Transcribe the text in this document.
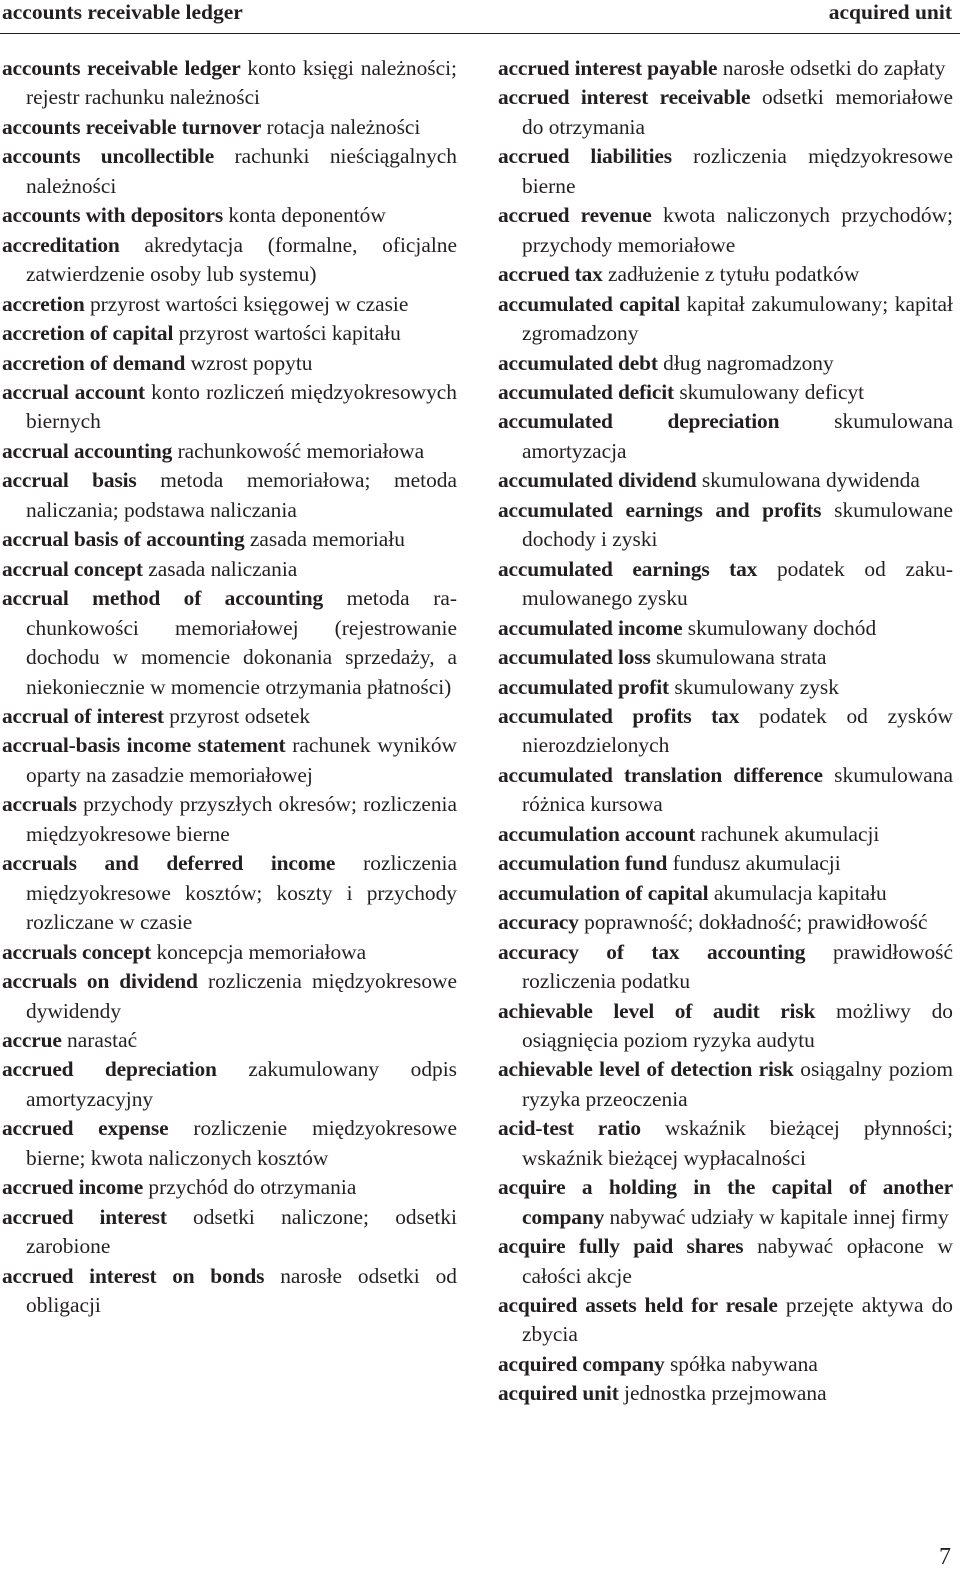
accounts receivable ledger	acquired unit

accounts receivable ledger konto księgi należności; rejestr rachunku należności

accounts receivable turnover rotacja należności

accounts uncollectible rachunki nieściągalnych należności

accounts with depositors konta deponentów

accreditation akredytacja (formalne, oficjalne zatwierdzenie osoby lub systemu)

accretion przyrost wartości księgowej w czasie

accretion of capital przyrost wartości kapitału

accretion of demand wzrost popytu

accrual account konto rozliczeń międzyokresowych biernych

accrual accounting rachunkowość memoriałowa

accrual basis metoda memoriałowa; metoda naliczania; podstawa naliczania

accrual basis of accounting zasada memoriału

accrual concept zasada naliczania

accrual method of accounting metoda rachunkowości memoriałowej (rejestrowanie dochodu w momencie dokonania sprzedaży, a niekoniecznie w momencie otrzymania płatności)

accrual of interest przyrost odsetek

accrual-basis income statement rachunek wyników oparty na zasadzie memoriałowej

accruals przychody przyszłych okresów; rozliczenia międzyokresowe bierne

accruals and deferred income rozliczenia międzyokresowe kosztów; koszty i przychody rozliczane w czasie

accruals concept koncepcja memoriałowa

accruals on dividend rozliczenia międzyokresowe dywidendy

accrue narastać

accrued depreciation zakumulowany odpis amortyzacyjny

accrued expense rozliczenie międzyokresowe bierne; kwota naliczonych kosztów

accrued income przychód do otrzymania

accrued interest odsetki naliczone; odsetki zarobione

accrued interest on bonds narosłe odsetki od obligacji

accrued interest payable narosłe odsetki do zapłaty

accrued interest receivable odsetki memoriałowe do otrzymania

accrued liabilities rozliczenia międzyokresowe bierne

accrued revenue kwota naliczonych przychodów; przychody memoriałowe

accrued tax zadłużenie z tytułu podatków

accumulated capital kapitał zakumulowany; kapitał zgromadzony

accumulated debt dług nagromadzony

accumulated deficit skumulowany deficyt

accumulated depreciation	skumulowana amortyzacja

accumulated dividend skumulowana dywidenda

accumulated earnings and profits skumulowane dochody i zyski

accumulated earnings tax podatek od zakumulowanego zysku

accumulated income skumulowany dochód

accumulated loss skumulowana strata

accumulated profit skumulowany zysk

accumulated profits tax podatek od zysków nierozdzielonych

accumulated translation difference skumulowana różnica kursowa

accumulation account rachunek akumulacji

accumulation fund fundusz akumulacji

accumulation of capital akumulacja kapitału

accuracy poprawność; dokładność; prawidłowość

accuracy of tax accounting prawidłowość rozliczenia podatku

achievable level of audit risk możliwy do osiągnięcia poziom ryzyka audytu

achievable level of detection risk osiągalny poziom ryzyka przeoczenia

acid-test ratio wskaźnik bieżącej płynności; wskaźnik bieżącej wypłacalności

acquire a holding in the capital of another company nabywać udziały w kapitale innej firmy

acquire fully paid shares nabywać opłacone w całości akcje

acquired assets held for resale przejęte aktywa do zbycia

acquired company spółka nabywana

acquired unit jednostka przejmowana

7
